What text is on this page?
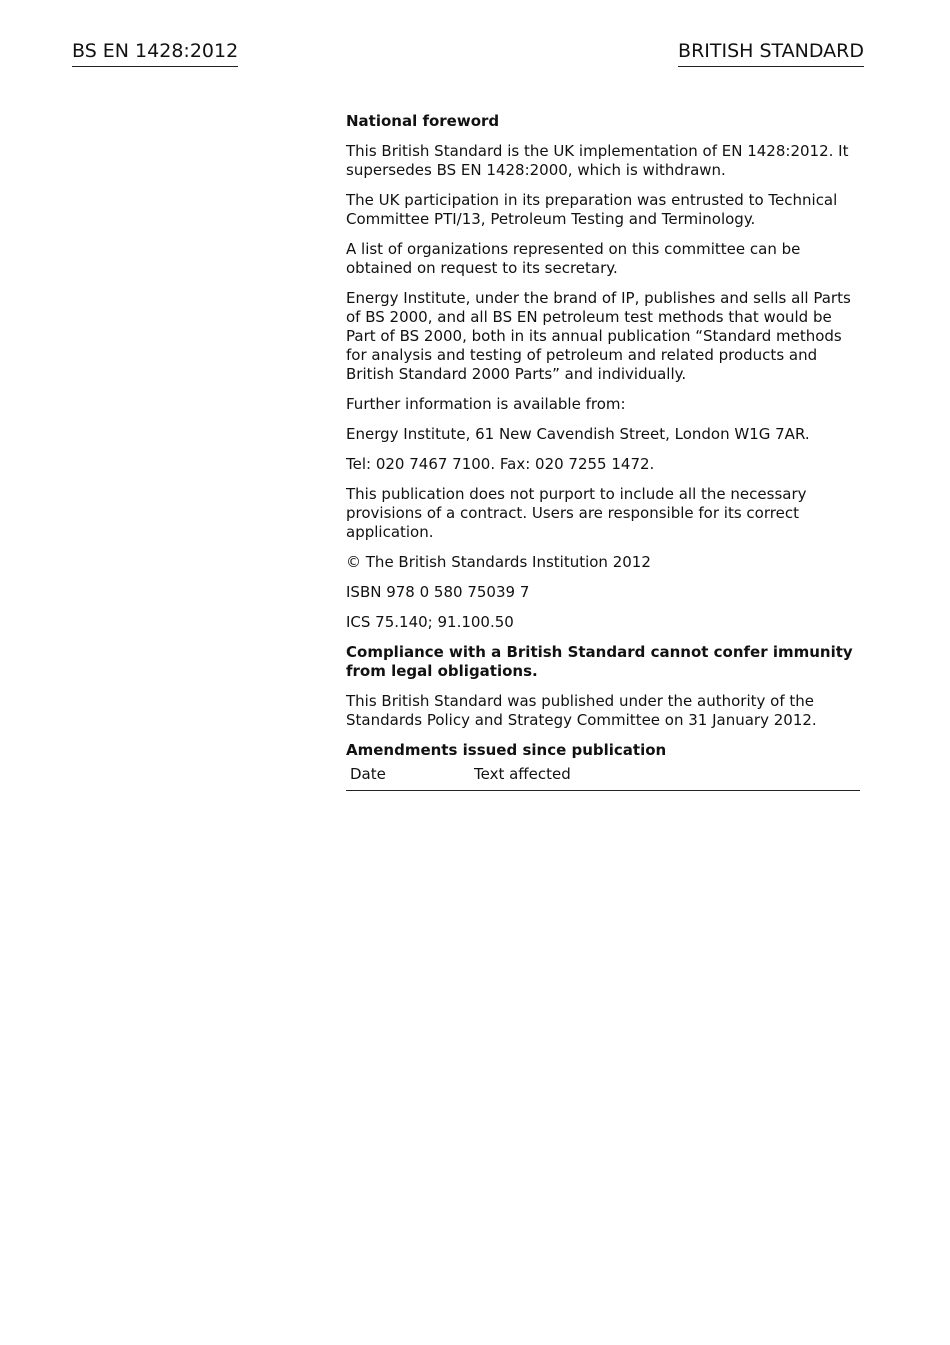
BS EN 1428:2012	BRITISH STANDARD
National foreword
This British Standard is the UK implementation of EN 1428:2012. It supersedes BS EN 1428:2000, which is withdrawn.
The UK participation in its preparation was entrusted to Technical Committee PTI/13, Petroleum Testing and Terminology.
A list of organizations represented on this committee can be obtained on request to its secretary.
Energy Institute, under the brand of IP, publishes and sells all Parts of BS 2000, and all BS EN petroleum test methods that would be Part of BS 2000, both in its annual publication “Standard methods for analysis and testing of petroleum and related products and British Standard 2000 Parts” and individually.
Further information is available from:
Energy Institute, 61 New Cavendish Street, London W1G 7AR.
Tel: 020 7467 7100. Fax: 020 7255 1472.
This publication does not purport to include all the necessary provisions of a contract. Users are responsible for its correct application.
© The British Standards Institution 2012
ISBN 978 0 580 75039 7
ICS 75.140; 91.100.50
Compliance with a British Standard cannot confer immunity from legal obligations.
This British Standard was published under the authority of the Standards Policy and Strategy Committee on 31 January 2012.
Amendments issued since publication
Date	Text affected
